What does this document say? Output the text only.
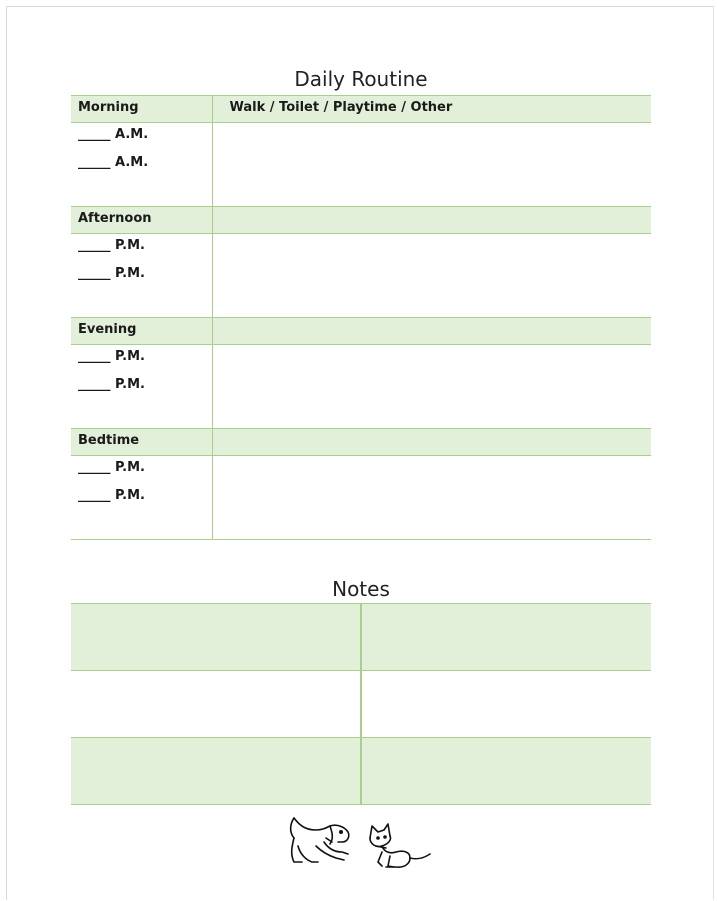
Daily Routine
Morning	Walk / Toilet / Playtime / Other

_____ A.M.
_____ A.M.	

Afternoon	

_____ P.M.
_____ P.M.	

Evening	

_____ P.M.
_____ P.M.	

Bedtime	

_____ P.M.
_____ P.M.	

Notes
